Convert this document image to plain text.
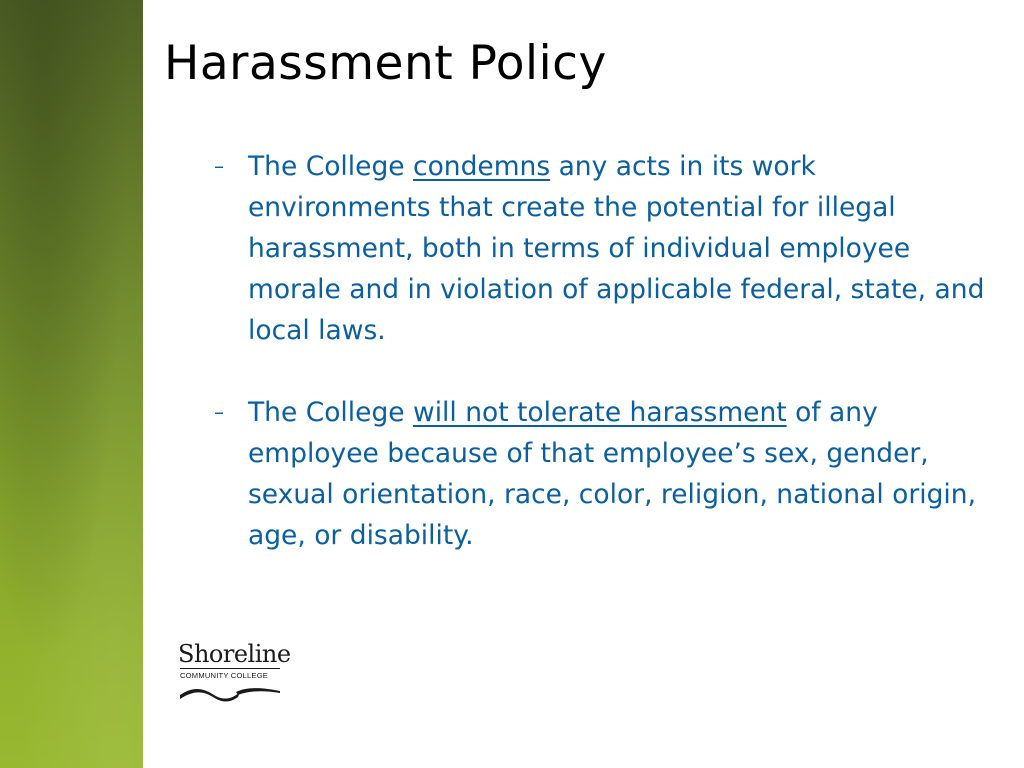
Harassment Policy
– The College condemns any acts in its work environments that create the potential for illegal harassment, both in terms of individual employee morale and in violation of applicable federal, state, and local laws.
– The College will not tolerate harassment of any employee because of that employee’s sex, gender, sexual orientation, race, color, religion, national origin, age, or disability.

Shoreline

COMMUNITY COLLEGE
